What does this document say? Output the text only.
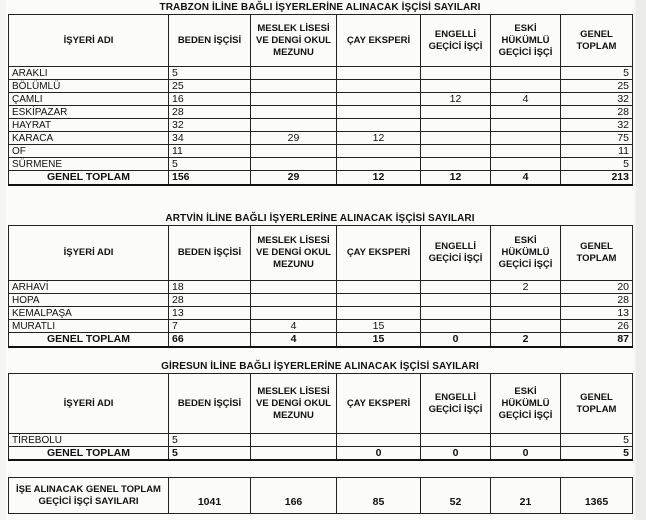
TRABZON İLİNE BAĞLI İŞYERLERİNE ALINACAK İŞÇİSİ SAYILARI
İŞYERİ ADI	BEDEN İŞÇİSİ	MESLEK LİSESİ VE DENGİ OKUL MEZUNU	ÇAY EKSPERİ	ENGELLİ GEÇİCİ İŞÇİ	ESKİ HÜKÜMLÜ GEÇİCİ İŞÇİ	GENEL TOPLAM
ARAKLI	5					5
BÖLÜMLÜ	25					25
ÇAMLI	16			12	4	32
ESKİPAZAR	28					28
HAYRAT	32					32
KARACA	34	29	12			75
OF	11					11
SÜRMENE	5					5
GENEL TOPLAM	156	29	12	12	4	213
ARTVİN İLİNE BAĞLI İŞYERLERİNE ALINACAK İŞÇİSİ SAYILARI
İŞYERİ ADI	BEDEN İŞÇİSİ	MESLEK LİSESİ VE DENGİ OKUL MEZUNU	ÇAY EKSPERİ	ENGELLİ GEÇİCİ İŞÇİ	ESKİ HÜKÜMLÜ GEÇİCİ İŞÇİ	GENEL TOPLAM
ARHAVİ	18				2	20
HOPA	28					28
KEMALPAŞA	13					13
MURATLI	7	4	15			26
GENEL TOPLAM	66	4	15	0	2	87
GİRESUN İLİNE BAĞLI İŞYERLERİNE ALINACAK İŞÇİSİ SAYILARI
İŞYERİ ADI	BEDEN İŞÇİSİ	MESLEK LİSESİ VE DENGİ OKUL MEZUNU	ÇAY EKSPERİ	ENGELLİ GEÇİCİ İŞÇİ	ESKİ HÜKÜMLÜ GEÇİCİ İŞÇİ	GENEL TOPLAM
TİREBOLU	5					5
GENEL TOPLAM	5		0	0	0	5
İŞE ALINACAK GENEL TOPLAM GEÇİCİ İŞÇİ SAYILARI	1041	166	85	52	21	1365
